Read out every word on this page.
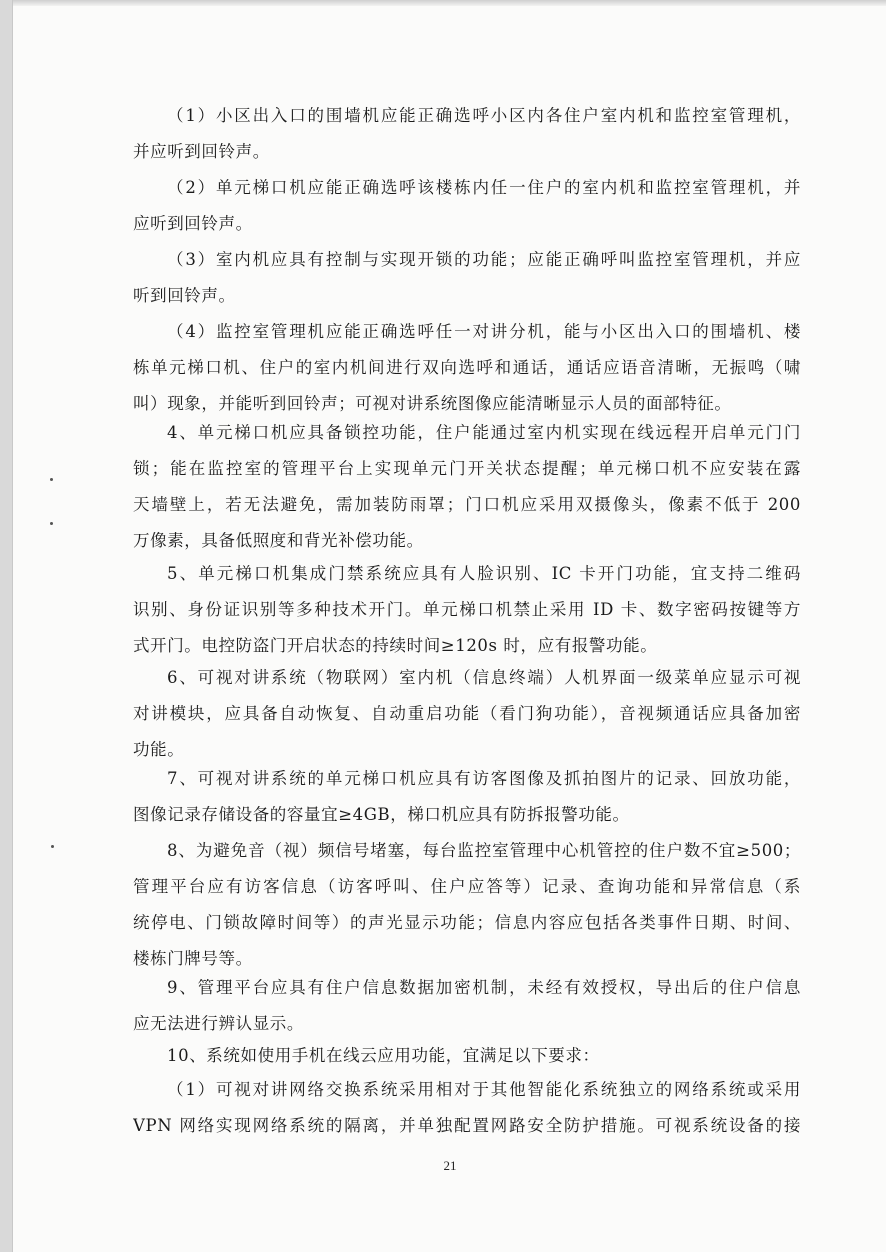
（1）小区出入口的围墙机应能正确选呼小区内各住户室内机和监控室管理机，
并应听到回铃声。
（2）单元梯口机应能正确选呼该楼栋内任一住户的室内机和监控室管理机，并
应听到回铃声。
（3）室内机应具有控制与实现开锁的功能；应能正确呼叫监控室管理机，并应
听到回铃声。
（4）监控室管理机应能正确选呼任一对讲分机，能与小区出入口的围墙机、楼
栋单元梯口机、住户的室内机间进行双向选呼和通话，通话应语音清晰，无振鸣（啸
叫）现象，并能听到回铃声；可视对讲系统图像应能清晰显示人员的面部特征。
4、单元梯口机应具备锁控功能，住户能通过室内机实现在线远程开启单元门门
锁；能在监控室的管理平台上实现单元门开关状态提醒；单元梯口机不应安装在露
天墙壁上，若无法避免，需加装防雨罩；门口机应采用双摄像头，像素不低于 200
万像素，具备低照度和背光补偿功能。
5、单元梯口机集成门禁系统应具有人脸识别、IC 卡开门功能，宜支持二维码
识别、身份证识别等多种技术开门。单元梯口机禁止采用 ID 卡、数字密码按键等方
式开门。电控防盗门开启状态的持续时间≥120s 时，应有报警功能。
6、可视对讲系统（物联网）室内机（信息终端）人机界面一级菜单应显示可视
对讲模块，应具备自动恢复、自动重启功能（看门狗功能），音视频通话应具备加密
功能。
7、可视对讲系统的单元梯口机应具有访客图像及抓拍图片的记录、回放功能，
图像记录存储设备的容量宜≥4GB，梯口机应具有防拆报警功能。
8、为避免音（视）频信号堵塞，每台监控室管理中心机管控的住户数不宜≥500；
管理平台应有访客信息（访客呼叫、住户应答等）记录、查询功能和异常信息（系
统停电、门锁故障时间等）的声光显示功能；信息内容应包括各类事件日期、时间、
楼栋门牌号等。
9、管理平台应具有住户信息数据加密机制，未经有效授权，导出后的住户信息
应无法进行辨认显示。
10、系统如使用手机在线云应用功能，宜满足以下要求：
（1）可视对讲网络交换系统采用相对于其他智能化系统独立的网络系统或采用
VPN 网络实现网络系统的隔离，并单独配置网路安全防护措施。可视系统设备的接
21
